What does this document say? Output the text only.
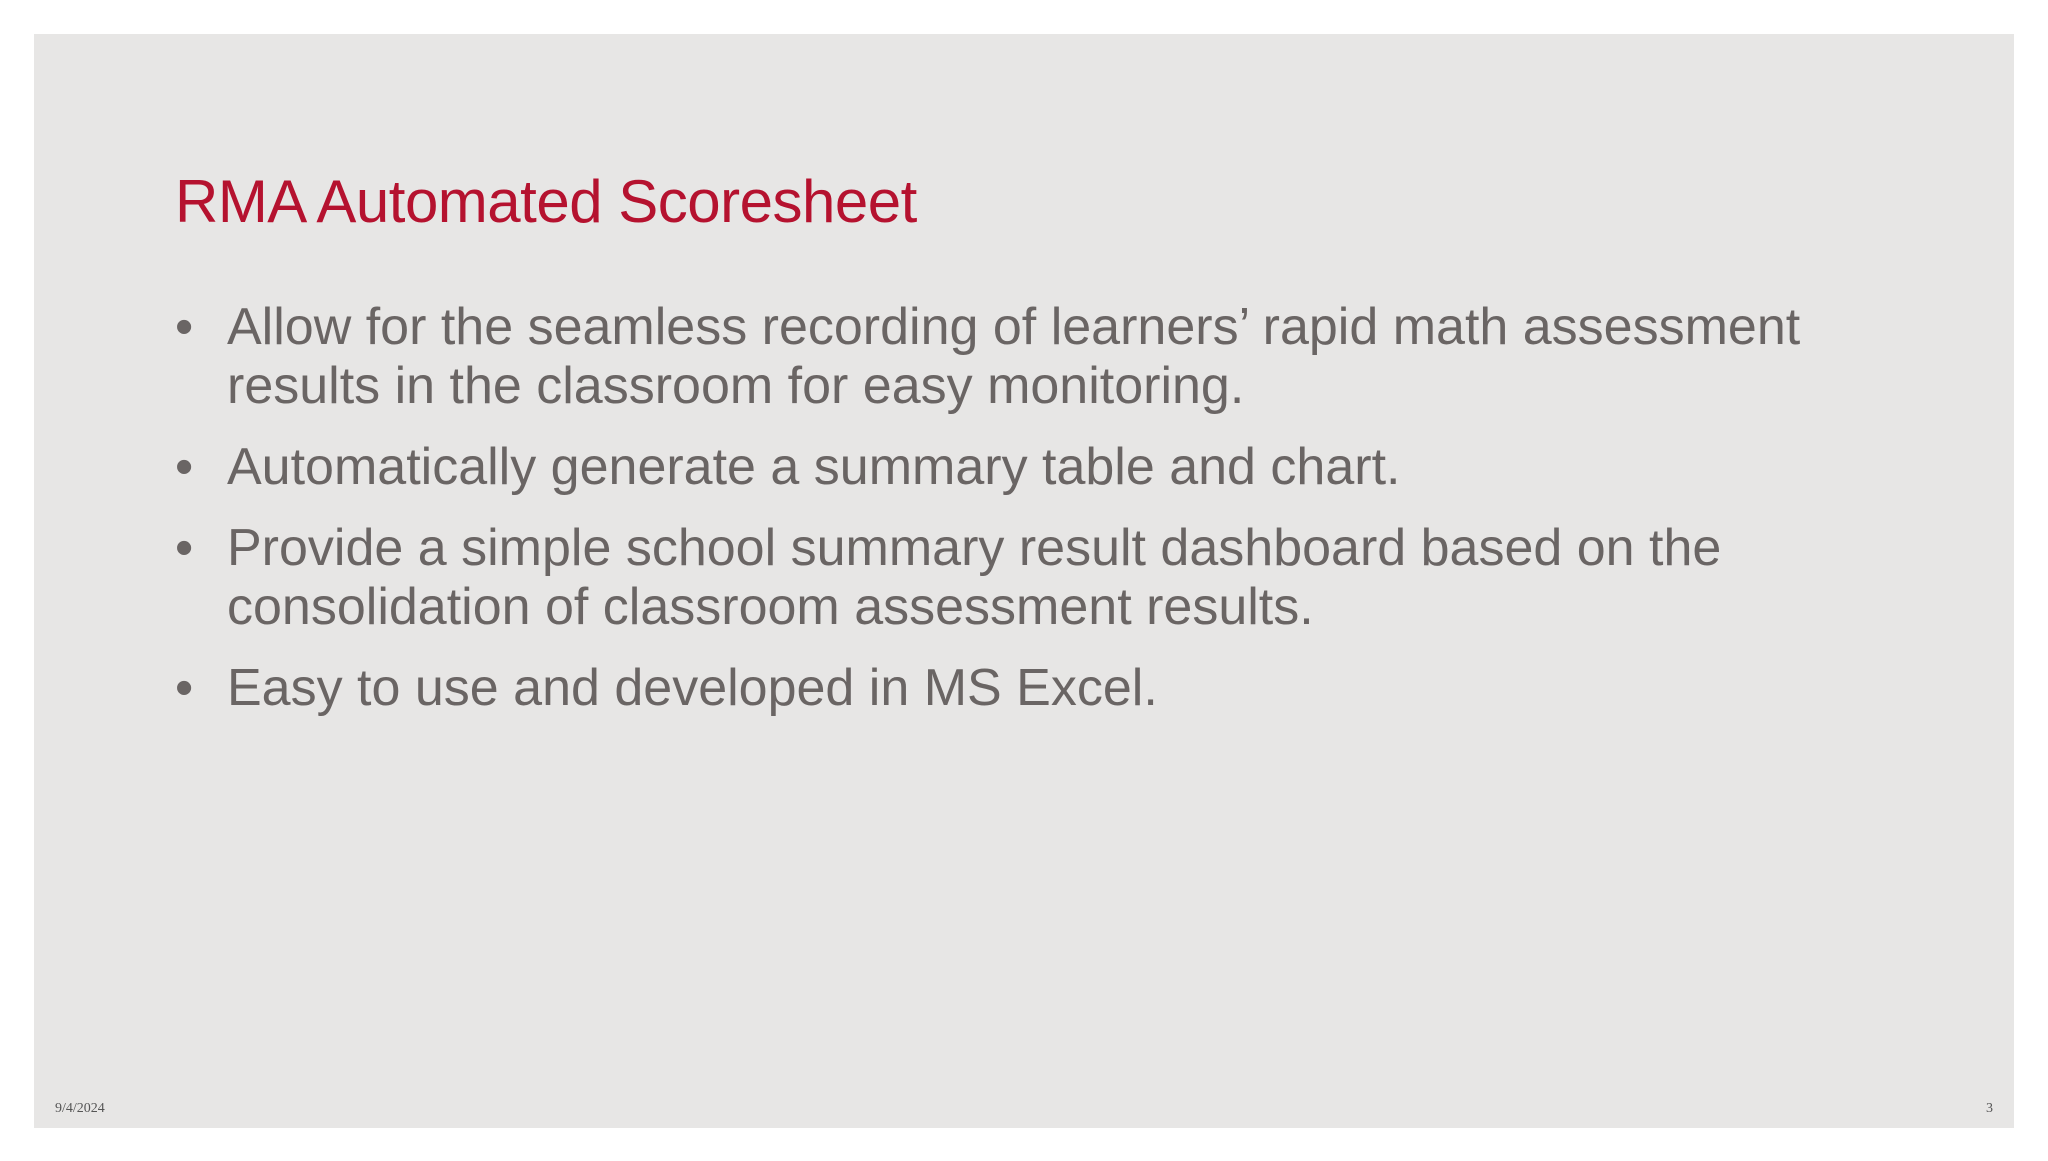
RMA Automated Scoresheet
• Allow for the seamless recording of learners’ rapid math assessment results in the classroom for easy monitoring.
• Automatically generate a summary table and chart.
• Provide a simple school summary result dashboard based on the consolidation of classroom assessment results.
• Easy to use and developed in MS Excel.
9/4/2024	3
